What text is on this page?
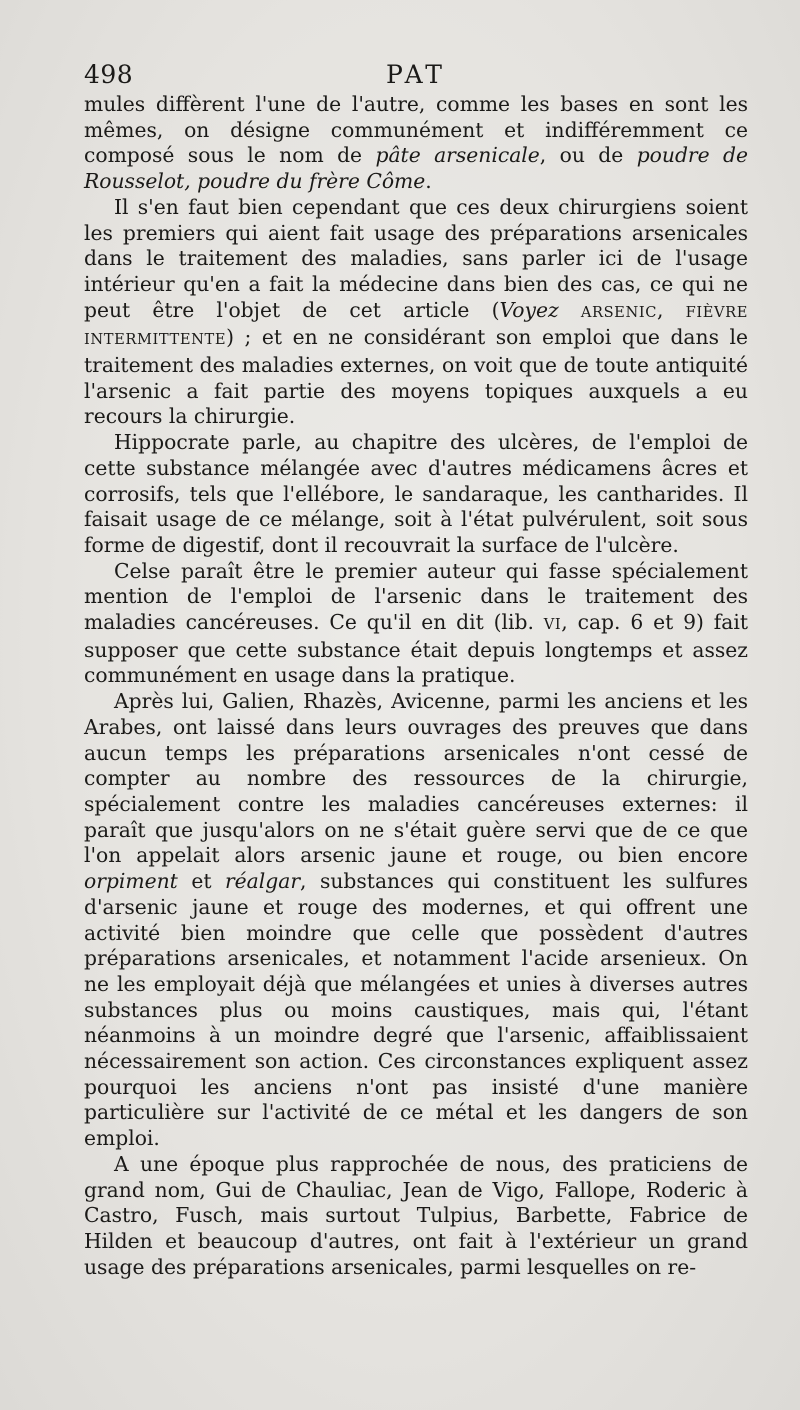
498	PAT

mules diffèrent l'une de l'autre, comme les bases en sont les mêmes, on désigne communément et indifféremment ce composé sous le nom de pâte arsenicale, ou de poudre de Rousselot, poudre du frère Côme.

Il s'en faut bien cependant que ces deux chirurgiens soient les premiers qui aient fait usage des préparations arsenicales dans le traitement des maladies, sans parler ici de l'usage intérieur qu'en a fait la médecine dans bien des cas, ce qui ne peut être l'objet de cet article (Voyez ARSENIC, FIÈVRE INTERMITTENTE) ; et en ne considérant son emploi que dans le traitement des maladies externes, on voit que de toute antiquité l'arsenic a fait partie des moyens topiques auxquels a eu recours la chirurgie.

Hippocrate parle, au chapitre des ulcères, de l'emploi de cette substance mélangée avec d'autres médicamens âcres et corrosifs, tels que l'ellébore, le sandaraque, les cantharides. Il faisait usage de ce mélange, soit à l'état pulvérulent, soit sous forme de digestif, dont il recouvrait la surface de l'ulcère.

Celse paraît être le premier auteur qui fasse spécialement mention de l'emploi de l'arsenic dans le traitement des maladies cancéreuses. Ce qu'il en dit (lib. VI, cap. 6 et 9) fait supposer que cette substance était depuis longtemps et assez communément en usage dans la pratique.

Après lui, Galien, Rhazès, Avicenne, parmi les anciens et les Arabes, ont laissé dans leurs ouvrages des preuves que dans aucun temps les préparations arsenicales n'ont cessé de compter au nombre des ressources de la chirurgie, spécialement contre les maladies cancéreuses externes: il paraît que jusqu'alors on ne s'était guère servi que de ce que l'on appelait alors arsenic jaune et rouge, ou bien encore orpiment et réalgar, substances qui constituent les sulfures d'arsenic jaune et rouge des modernes, et qui offrent une activité bien moindre que celle que possèdent d'autres préparations arsenicales, et notamment l'acide arsenieux. On ne les employait déjà que mélangées et unies à diverses autres substances plus ou moins caustiques, mais qui, l'étant néanmoins à un moindre degré que l'arsenic, affaiblissaient nécessairement son action. Ces circonstances expliquent assez pourquoi les anciens n'ont pas insisté d'une manière particulière sur l'activité de ce métal et les dangers de son emploi.

A une époque plus rapprochée de nous, des praticiens de grand nom, Gui de Chauliac, Jean de Vigo, Fallope, Roderic à Castro, Fusch, mais surtout Tulpius, Barbette, Fabrice de Hilden et beaucoup d'autres, ont fait à l'extérieur un grand usage des préparations arsenicales, parmi lesquelles on re-
